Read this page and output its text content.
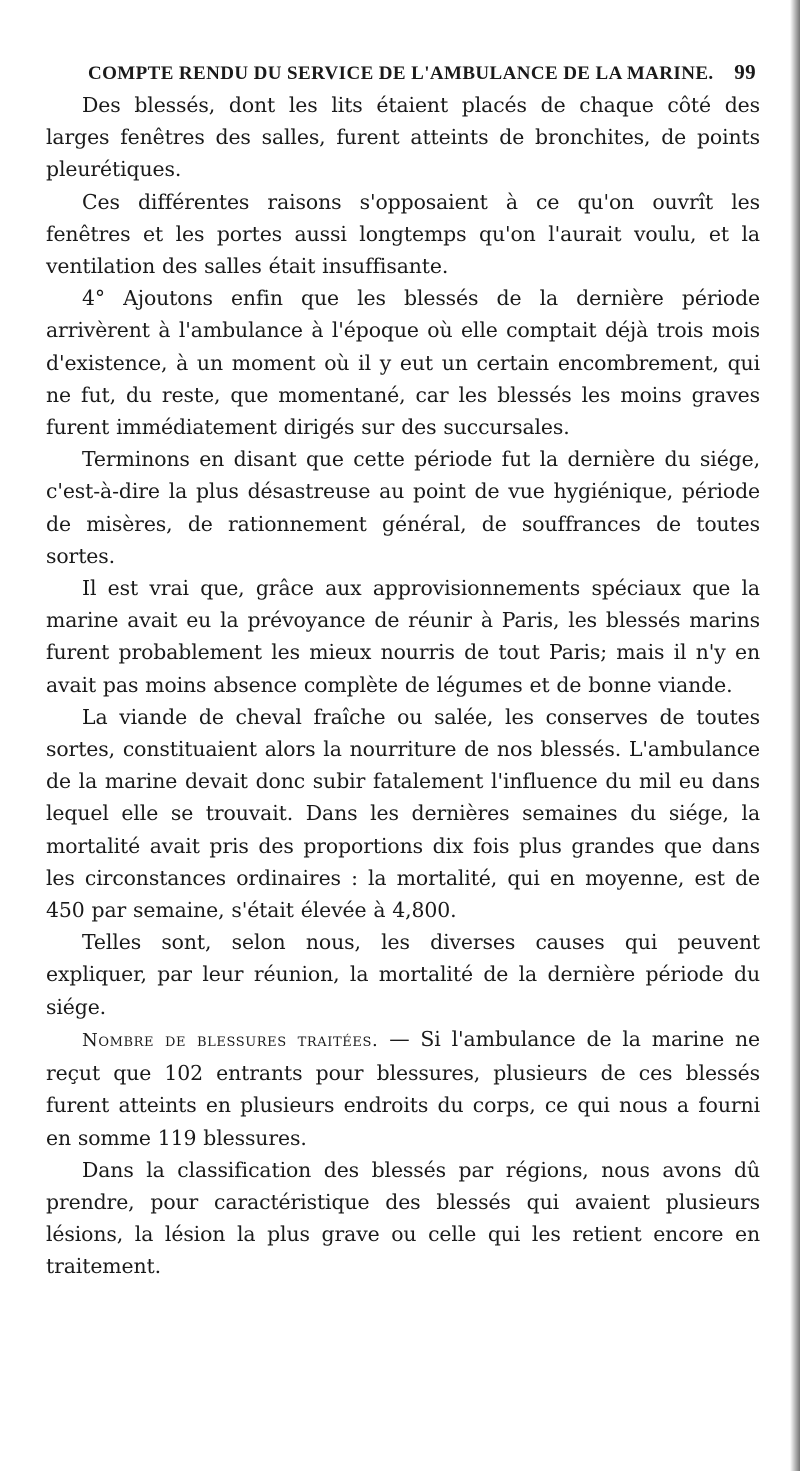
COMPTE RENDU DU SERVICE DE L'AMBULANCE DE LA MARINE. 99

Des blessés, dont les lits étaient placés de chaque côté des larges fenêtres des salles, furent atteints de bronchites, de points pleurétiques.

Ces différentes raisons s'opposaient à ce qu'on ouvrît les fenêtres et les portes aussi longtemps qu'on l'aurait voulu, et la ventilation des salles était insuffisante.

4° Ajoutons enfin que les blessés de la dernière période arrivèrent à l'ambulance à l'époque où elle comptait déjà trois mois d'existence, à un moment où il y eut un certain encombrement, qui ne fut, du reste, que momentané, car les blessés les moins graves furent immédiatement dirigés sur des succursales.

Terminons en disant que cette période fut la dernière du siége, c'est-à-dire la plus désastreuse au point de vue hygiénique, période de misères, de rationnement général, de souffrances de toutes sortes.

Il est vrai que, grâce aux approvisionnements spéciaux que la marine avait eu la prévoyance de réunir à Paris, les blessés marins furent probablement les mieux nourris de tout Paris; mais il n'y en avait pas moins absence complète de légumes et de bonne viande.

La viande de cheval fraîche ou salée, les conserves de toutes sortes, constituaient alors la nourriture de nos blessés. L'ambulance de la marine devait donc subir fatalement l'influence du mil eu dans lequel elle se trouvait. Dans les dernières semaines du siége, la mortalité avait pris des proportions dix fois plus grandes que dans les circonstances ordinaires : la mortalité, qui en moyenne, est de 450 par semaine, s'était élevée à 4,800.

Telles sont, selon nous, les diverses causes qui peuvent expliquer, par leur réunion, la mortalité de la dernière période du siége.

Nombre de blessures traitées. — Si l'ambulance de la marine ne reçut que 102 entrants pour blessures, plusieurs de ces blessés furent atteints en plusieurs endroits du corps, ce qui nous a fourni en somme 119 blessures.

Dans la classification des blessés par régions, nous avons dû prendre, pour caractéristique des blessés qui avaient plusieurs lésions, la lésion la plus grave ou celle qui les retient encore en traitement.
